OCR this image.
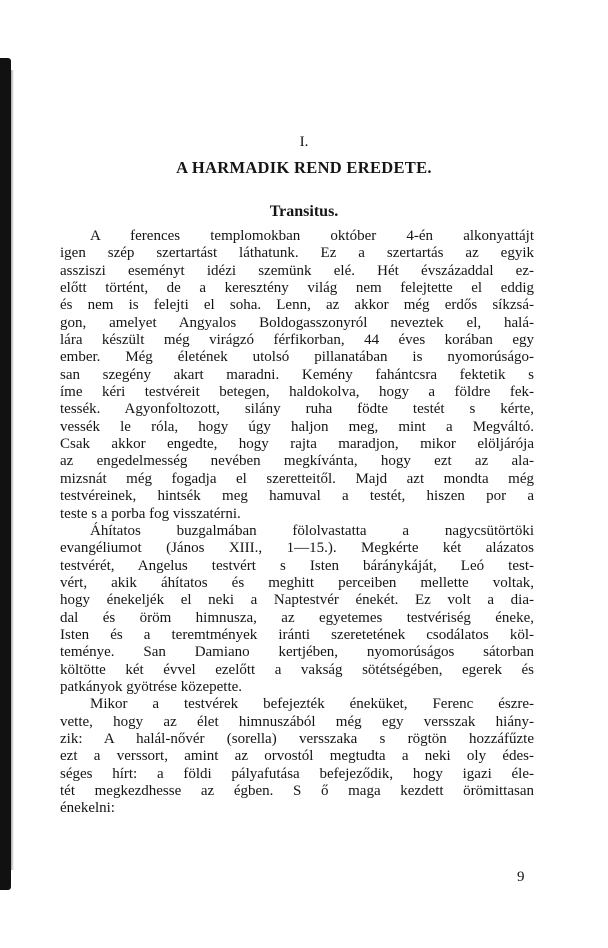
I.
A HARMADIK REND EREDETE.
Transitus.
A ferences templomokban október 4-én alkonyattájt
igen szép szertartást láthatunk. Ez a szertartás az egyik
assziszi eseményt idézi szemünk elé. Hét évszázaddal ez-
előtt történt, de a keresztény világ nem felejtette el eddig
és nem is felejti el soha. Lenn, az akkor még erdős síkzsá-
gon, amelyet Angyalos Boldogasszonyról neveztek el, halá-
lára készült még virágzó férfikorban, 44 éves korában egy
ember. Még életének utolsó pillanatában is nyomorúságo-
san szegény akart maradni. Kemény fahántcsra fektetik s
íme kéri testvéreit betegen, haldokolva, hogy a földre fek-
tessék. Agyonfoltozott, silány ruha födte testét s kérte,
vessék le róla, hogy úgy haljon meg, mint a Megváltó.
Csak akkor engedte, hogy rajta maradjon, mikor elöljárója
az engedelmesség nevében megkívánta, hogy ezt az ala-
mizsnát még fogadja el szeretteitől. Majd azt mondta még
testvéreinek, hintsék meg hamuval a testét, hiszen por a
teste s a porba fog visszatérni.
Áhítatos buzgalmában fölolvastatta a nagycsütörtöki
evangéliumot (János XIII., 1—15.). Megkérte két alázatos
testvérét, Angelus testvért s Isten báránykáját, Leó test-
vért, akik áhítatos és meghitt perceiben mellette voltak,
hogy énekeljék el neki a Naptestvér énekét. Ez volt a dia-
dal és öröm himnusza, az egyetemes testvériség éneke,
Isten és a teremtmények iránti szeretetének csodálatos köl-
teménye. San Damiano kertjében, nyomorúságos sátorban
költötte két évvel ezelőtt a vakság sötétségében, egerek és
patkányok gyötrése közepette.
Mikor a testvérek befejezték éneküket, Ferenc észre-
vette, hogy az élet himnuszából még egy versszak hiány-
zik: A halál-nővér (sorella) versszaka s rögtön hozzáfűzte
ezt a verssort, amint az orvostól megtudta a neki oly édes-
séges hírt: a földi pályafutása befejeződik, hogy igazi éle-
tét megkezdhesse az égben. S ő maga kezdett örömittasan
énekelni:
9
